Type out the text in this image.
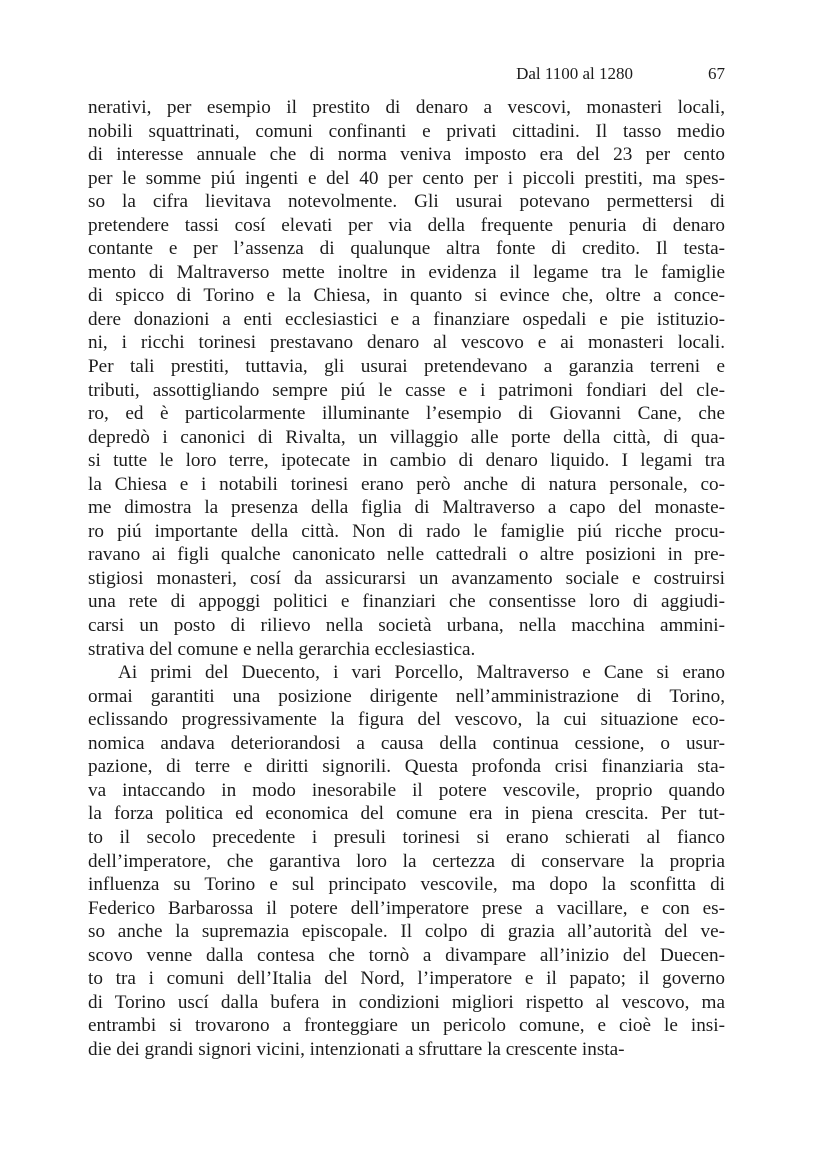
Dal 1100 al 1280	67
nerativi, per esempio il prestito di denaro a vescovi, monasteri locali,
nobili squattrinati, comuni confinanti e privati cittadini. Il tasso medio
di interesse annuale che di norma veniva imposto era del 23 per cento
per le somme piú ingenti e del 40 per cento per i piccoli prestiti, ma spes-
so la cifra lievitava notevolmente. Gli usurai potevano permettersi di
pretendere tassi cosí elevati per via della frequente penuria di denaro
contante e per l’assenza di qualunque altra fonte di credito. Il testa-
mento di Maltraverso mette inoltre in evidenza il legame tra le famiglie
di spicco di Torino e la Chiesa, in quanto si evince che, oltre a conce-
dere donazioni a enti ecclesiastici e a finanziare ospedali e pie istituzio-
ni, i ricchi torinesi prestavano denaro al vescovo e ai monasteri locali.
Per tali prestiti, tuttavia, gli usurai pretendevano a garanzia terreni e
tributi, assottigliando sempre piú le casse e i patrimoni fondiari del cle-
ro, ed è particolarmente illuminante l’esempio di Giovanni Cane, che
depredò i canonici di Rivalta, un villaggio alle porte della città, di qua-
si tutte le loro terre, ipotecate in cambio di denaro liquido. I legami tra
la Chiesa e i notabili torinesi erano però anche di natura personale, co-
me dimostra la presenza della figlia di Maltraverso a capo del monaste-
ro piú importante della città. Non di rado le famiglie piú ricche procu-
ravano ai figli qualche canonicato nelle cattedrali o altre posizioni in pre-
stigiosi monasteri, cosí da assicurarsi un avanzamento sociale e costruirsi
una rete di appoggi politici e finanziari che consentisse loro di aggiudi-
carsi un posto di rilievo nella società urbana, nella macchina ammini-
strativa del comune e nella gerarchia ecclesiastica.
Ai primi del Duecento, i vari Porcello, Maltraverso e Cane si erano
ormai garantiti una posizione dirigente nell’amministrazione di Torino,
eclissando progressivamente la figura del vescovo, la cui situazione eco-
nomica andava deteriorandosi a causa della continua cessione, o usur-
pazione, di terre e diritti signorili. Questa profonda crisi finanziaria sta-
va intaccando in modo inesorabile il potere vescovile, proprio quando
la forza politica ed economica del comune era in piena crescita. Per tut-
to il secolo precedente i presuli torinesi si erano schierati al fianco
dell’imperatore, che garantiva loro la certezza di conservare la propria
influenza su Torino e sul principato vescovile, ma dopo la sconfitta di
Federico Barbarossa il potere dell’imperatore prese a vacillare, e con es-
so anche la supremazia episcopale. Il colpo di grazia all’autorità del ve-
scovo venne dalla contesa che tornò a divampare all’inizio del Duecen-
to tra i comuni dell’Italia del Nord, l’imperatore e il papato; il governo
di Torino uscí dalla bufera in condizioni migliori rispetto al vescovo, ma
entrambi si trovarono a fronteggiare un pericolo comune, e cioè le insi-
die dei grandi signori vicini, intenzionati a sfruttare la crescente insta-
